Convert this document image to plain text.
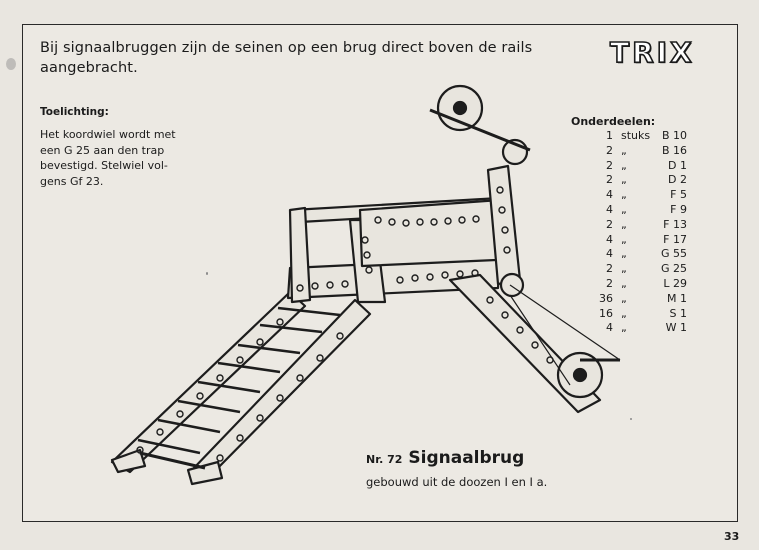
Bij signaalbruggen zijn de seinen op een brug direct boven de rails
aangebracht.	TRIX
Toelichting:
Het koordwiel wordt met
een G 25 aan den trap
bevestigd. Stelwiel vol-
gens Gf 23.
Onderdeelen:
1 stuks B 10
2 „	B 16
2 „	D 1
2 „	D 2
4 „	F 5
4 „	F 9
2 „	F 13
4 „	F 17
4 „	G 55
2 „	G 25
2 „	L 29
36 „	M 1
16 „	S 1
4 „	W 1
Nr. 72 Signaalbrug
gebouwd uit de doozen I en I a.
33
